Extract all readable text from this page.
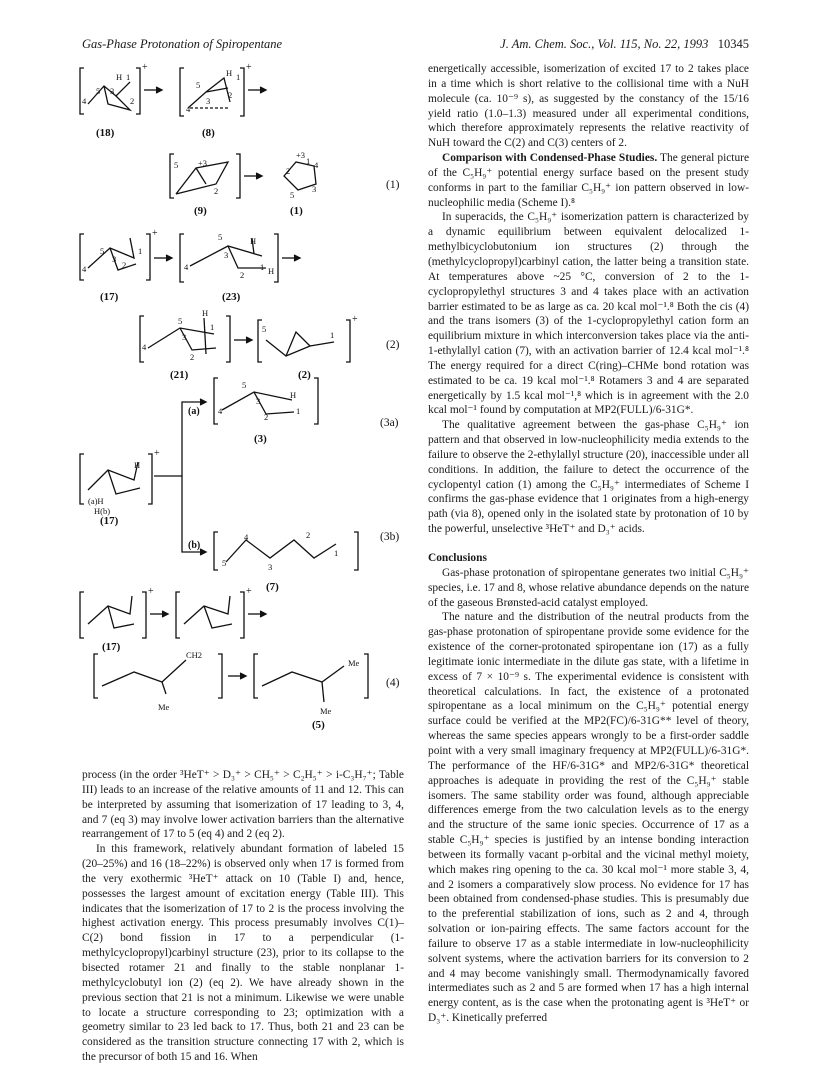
Gas-Phase Protonation of Spiropentane	J. Am. Chem. Soc., Vol. 115, No. 22, 1993 10345
+	+
+
+
+
+	+
H	H
H
H
H
H
H
1	1
1
1
1
1
1
1
1
2
2
2
2
2
2
2
2
2
3
3
3
3	3
3
3
3
4
4
4
4	4
4
4
4
5
5
5
5
5
5
5
5
5
5
+3
+3
Me
Me	Me
CH2
H(b)
(a)H
(18)	(8)
(9)	(1)
(17)	(23)
(21)	(2)
(17)
(3)
(7)
(17)
(5)
(a)
(b)
(1)
(2)
(3a)
(3b)
(4)

process (in the order ³HeT⁺ > D₃⁺ > CH₅⁺ > C₂H₅⁺ > i-C₃H₇⁺; Table III) leads to an increase of the relative amounts of 11 and 12. This can be interpreted by assuming that isomerization of 17 leading to 3, 4, and 7 (eq 3) may involve lower activation barriers than the alternative rearrangement of 17 to 5 (eq 4) and 2 (eq 2).

In this framework, relatively abundant formation of labeled 15 (20–25%) and 16 (18–22%) is observed only when 17 is formed from the very exothermic ³HeT⁺ attack on 10 (Table I) and, hence, possesses the largest amount of excitation energy (Table III). This indicates that the isomerization of 17 to 2 is the process involving the highest activation energy. This process presumably involves C(1)–C(2) bond fission in 17 to a perpendicular (1-methylcyclopropyl)carbinyl structure (23), prior to its collapse to the bisected rotamer 21 and finally to the stable nonplanar 1-methylcyclobutyl ion (2) (eq 2). We have already shown in the previous section that 21 is not a minimum. Likewise we were unable to locate a structure corresponding to 23; optimization with a geometry similar to 23 led back to 17. Thus, both 21 and 23 can be considered as the transition structure connecting 17 with 2, which is the precursor of both 15 and 16. When

energetically accessible, isomerization of excited 17 to 2 takes place in a time which is short relative to the collisional time with a NuH molecule (ca. 10⁻⁹ s), as suggested by the constancy of the 15/16 yield ratio (1.0–1.3) measured under all experimental conditions, which therefore approximately represents the relative reactivity of NuH toward the C(2) and C(3) centers of 2.

Comparison with Condensed-Phase Studies. The general picture of the C₅H₉⁺ potential energy surface based on the present study conforms in part to the familiar C₅H₉⁺ ion pattern observed in low-nucleophilic media (Scheme I).⁸

In superacids, the C₅H₉⁺ isomerization pattern is characterized by a dynamic equilibrium between equivalent delocalized 1-methylbicyclobutonium ion structures (2) through the (methylcyclopropyl)carbinyl cation, the latter being a transition state. At temperatures above ~25 °C, conversion of 2 to the 1-cyclopropylethyl structures 3 and 4 takes place with an activation barrier estimated to be as large as ca. 20 kcal mol⁻¹.⁸ Both the cis (4) and the trans isomers (3) of the 1-cyclopropylethyl cation form an equilibrium mixture in which interconversion takes place via the anti-1-ethylallyl cation (7), with an activation barrier of 12.4 kcal mol⁻¹.⁸ The energy required for a direct C(ring)–CHMe bond rotation was estimated to be ca. 19 kcal mol⁻¹.⁸ Rotamers 3 and 4 are separated energetically by 1.5 kcal mol⁻¹,⁸ which is in agreement with the 2.0 kcal mol⁻¹ found by computation at MP2(FULL)/6-31G*.

The qualitative agreement between the gas-phase C₅H₉⁺ ion pattern and that observed in low-nucleophilicity media extends to the failure to observe the 2-ethylallyl structure (20), inaccessible under all conditions. In addition, the failure to detect the occurrence of the cyclopentyl cation (1) among the C₅H₉⁺ intermediates of Scheme I confirms the gas-phase evidence that 1 originates from a high-energy path (via 8), opened only in the isolated state by protonation of 10 by the powerful, unselective ³HeT⁺ and D₃⁺ acids.

Conclusions

Gas-phase protonation of spiropentane generates two initial C₅H₉⁺ species, i.e. 17 and 8, whose relative abundance depends on the nature of the gaseous Brønsted-acid catalyst employed.

The nature and the distribution of the neutral products from the gas-phase protonation of spiropentane provide some evidence for the existence of the corner-protonated spiropentane ion (17) as a fully legitimate ionic intermediate in the dilute gas state, with a lifetime in excess of 7 × 10⁻⁹ s. The experimental evidence is consistent with theoretical calculations. In fact, the existence of a protonated spiropentane as a local minimum on the C₅H₉⁺ potential energy surface could be verified at the MP2(FC)/6-31G** level of theory, whereas the same species appears wrongly to be a first-order saddle point with a very small imaginary frequency at MP2(FULL)/6-31G*. The performance of the HF/6-31G* and MP2/6-31G* theoretical approaches is adequate in providing the rest of the C₅H₉⁺ stable isomers. The same stability order was found, although appreciable differences emerge from the two calculation levels as to the energy and the structure of the same ionic species. Occurrence of 17 as a stable C₅H₉⁺ species is justified by an intense bonding interaction between its formally vacant p-orbital and the vicinal methyl moiety, which makes ring opening to the ca. 30 kcal mol⁻¹ more stable 3, 4, and 2 isomers a comparatively slow process. No evidence for 17 has been obtained from condensed-phase studies. This is presumably due to the preferential stabilization of ions, such as 2 and 4, through solvation or ion-pairing effects. The same factors account for the failure to observe 17 as a stable intermediate in low-nucleophilicity solvent systems, where the activation barriers for its conversion to 2 and 4 may become vanishingly small. Thermodynamically favored intermediates such as 2 and 5 are formed when 17 has a high internal energy content, as is the case when the protonating agent is ³HeT⁺ or D₃⁺. Kinetically preferred
